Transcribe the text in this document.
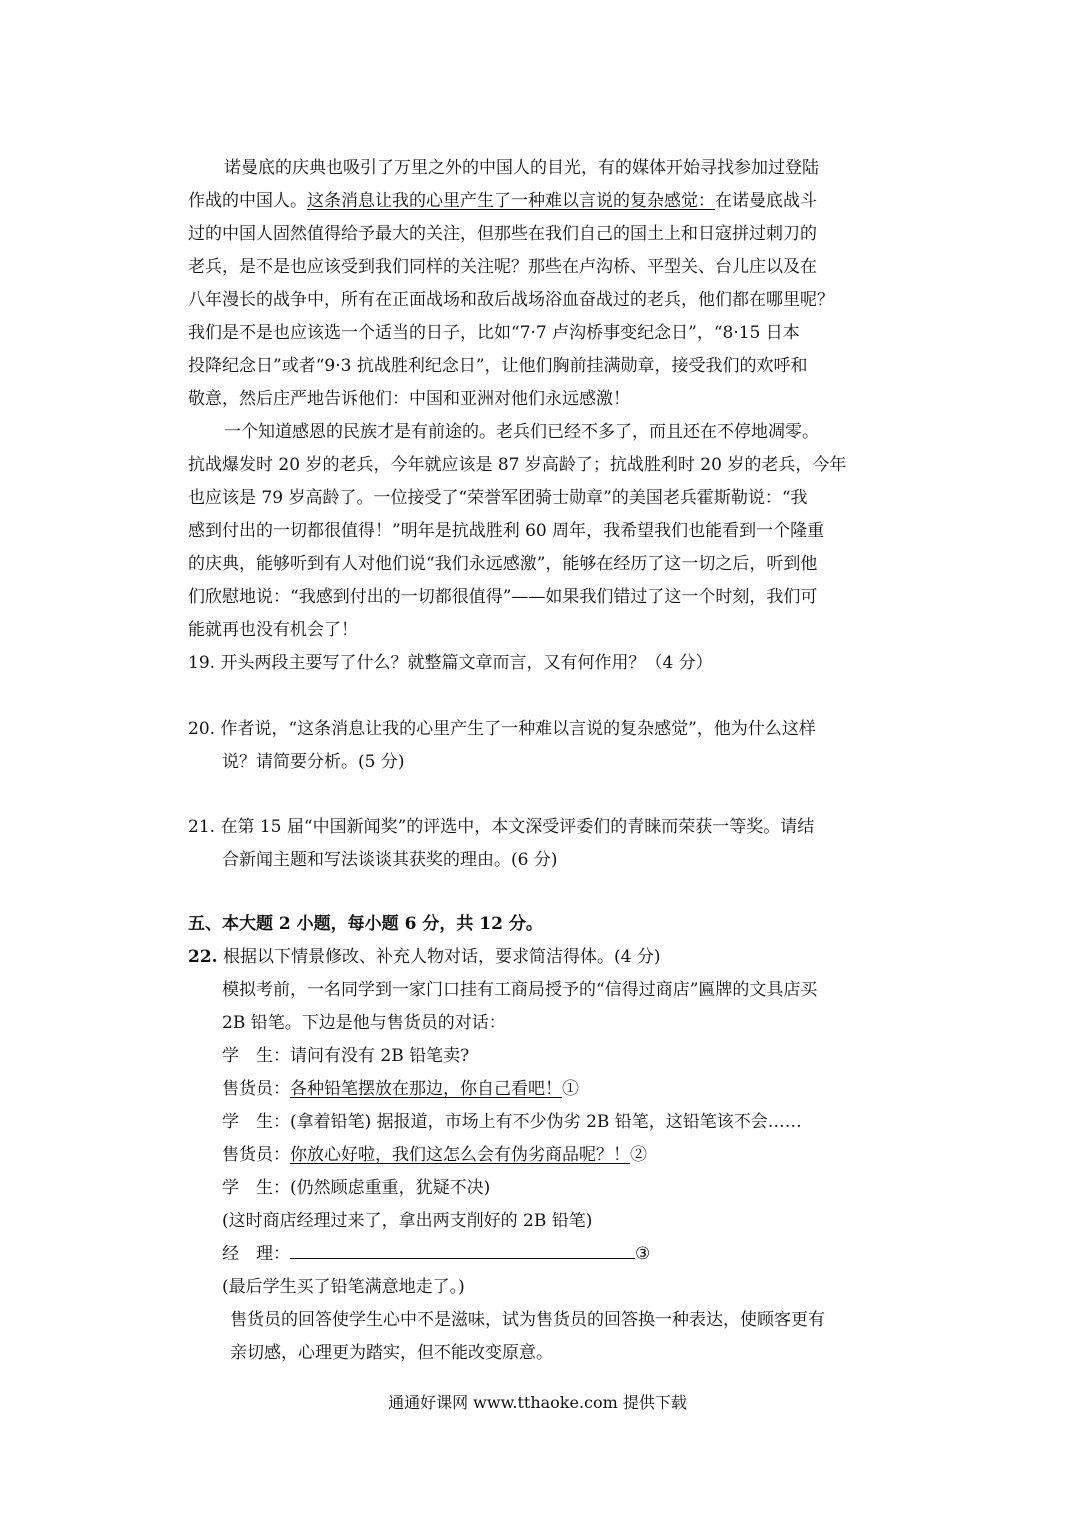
诺曼底的庆典也吸引了万里之外的中国人的目光，有的媒体开始寻找参加过登陆
作战的中国人。这条消息让我的心里产生了一种难以言说的复杂感觉：在诺曼底战斗
过的中国人固然值得给予最大的关注，但那些在我们自己的国土上和日寇拼过刺刀的
老兵，是不是也应该受到我们同样的关注呢？那些在卢沟桥、平型关、台儿庄以及在
八年漫长的战争中，所有在正面战场和敌后战场浴血奋战过的老兵，他们都在哪里呢？
我们是不是也应该选一个适当的日子，比如“7·7 卢沟桥事变纪念日”，“8·15 日本
投降纪念日”或者“9·3 抗战胜利纪念日”，让他们胸前挂满勋章，接受我们的欢呼和
敬意，然后庄严地告诉他们：中国和亚洲对他们永远感激！
一个知道感恩的民族才是有前途的。老兵们已经不多了，而且还在不停地凋零。
抗战爆发时 20 岁的老兵，今年就应该是 87 岁高龄了；抗战胜利时 20 岁的老兵，今年
也应该是 79 岁高龄了。一位接受了“荣誉军团骑士勋章”的美国老兵霍斯勒说：“我
感到付出的一切都很值得！”明年是抗战胜利 60 周年，我希望我们也能看到一个隆重
的庆典，能够听到有人对他们说“我们永远感激”，能够在经历了这一切之后，听到他
们欣慰地说：“我感到付出的一切都很值得”——如果我们错过了这一个时刻，我们可
能就再也没有机会了！
19. 开头两段主要写了什么？就整篇文章而言，又有何作用？（4 分）
20. 作者说，“这条消息让我的心里产生了一种难以言说的复杂感觉”，他为什么这样
说？请简要分析。(5 分)
21. 在第 15 届“中国新闻奖”的评选中，本文深受评委们的青睐而荣获一等奖。请结
合新闻主题和写法谈谈其获奖的理由。(6 分)
五、本大题 2 小题，每小题 6 分，共 12 分。
22. 根据以下情景修改、补充人物对话，要求简洁得体。(4 分)
模拟考前，一名同学到一家门口挂有工商局授予的“信得过商店”匾牌的文具店买
2B 铅笔。下边是他与售货员的对话：
学　生：请问有没有 2B 铅笔卖?
售货员：各种铅笔摆放在那边，你自己看吧！①
学　生：(拿着铅笔) 据报道，市场上有不少伪劣 2B 铅笔，这铅笔该不会……
售货员：你放心好啦，我们这怎么会有伪劣商品呢？！②
学　生：(仍然顾虑重重，犹疑不决)
(这时商店经理过来了，拿出两支削好的 2B 铅笔)
经　理：	③
(最后学生买了铅笔满意地走了。)
售货员的回答使学生心中不是滋味，试为售货员的回答换一种表达，使顾客更有
亲切感，心理更为踏实，但不能改变原意。
通通好课网 www.tthaoke.com 提供下载
